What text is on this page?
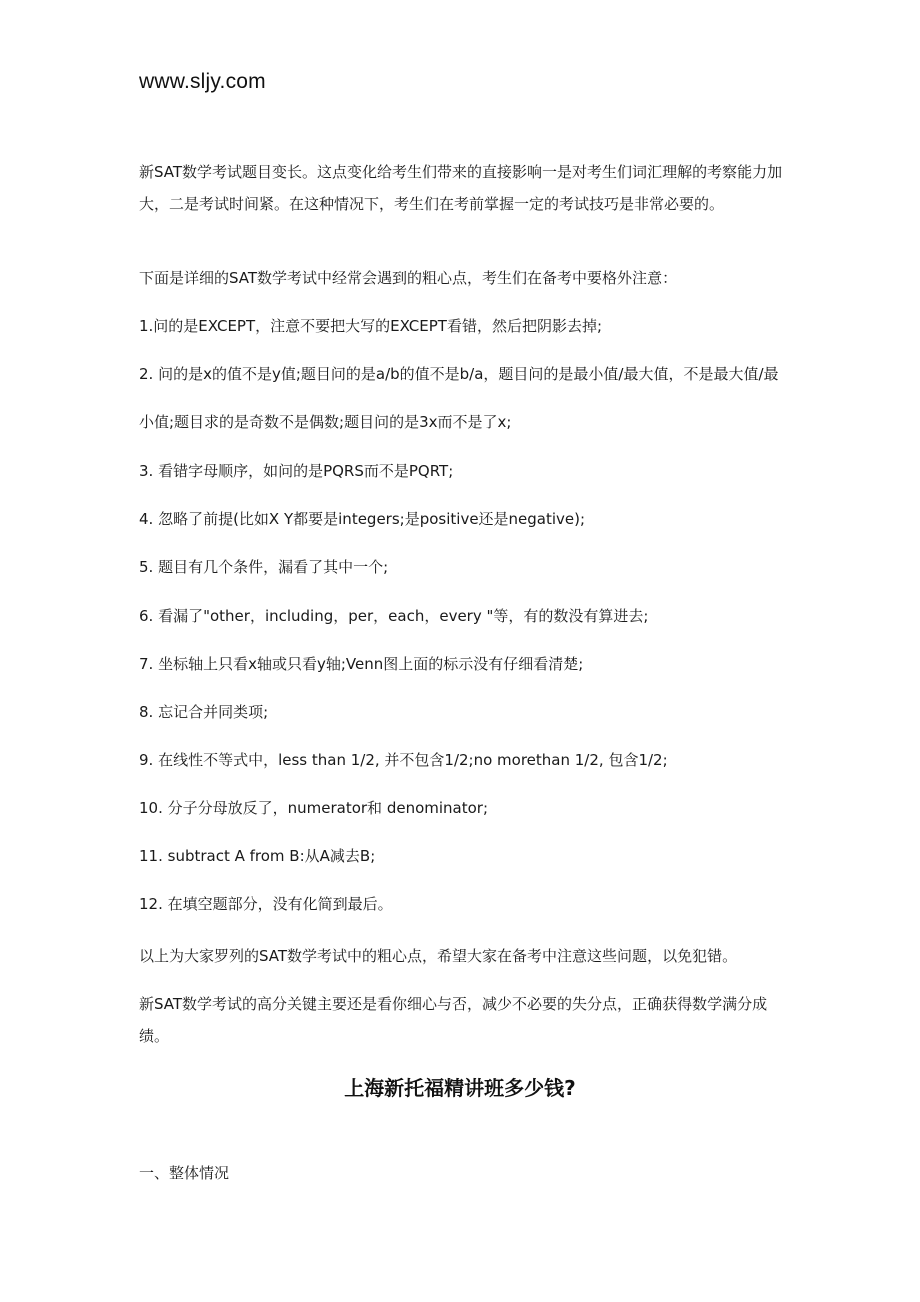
www.sljy.com

新SAT数学考试题目变长。这点变化给考生们带来的直接影响一是对考生们词汇理解的考察能力加大，二是考试时间紧。在这种情况下，考生们在考前掌握一定的考试技巧是非常必要的。

下面是详细的SAT数学考试中经常会遇到的粗心点，考生们在备考中要格外注意：

1.问的是EXCEPT，注意不要把大写的EXCEPT看错，然后把阴影去掉;

2. 问的是x的值不是y值;题目问的是a/b的值不是b/a，题目问的是最小值/最大值，不是最大值/最小值;题目求的是奇数不是偶数;题目问的是3x而不是了x;

3. 看错字母顺序，如问的是PQRS而不是PQRT;

4. 忽略了前提(比如X Y都要是integers;是positive还是negative);

5. 题目有几个条件，漏看了其中一个;

6. 看漏了"other，including，per，each，every "等，有的数没有算进去;

7. 坐标轴上只看x轴或只看y轴;Venn图上面的标示没有仔细看清楚;

8. 忘记合并同类项;

9. 在线性不等式中，less than 1/2, 并不包含1/2;no morethan 1/2, 包含1/2;

10. 分子分母放反了，numerator和 denominator;

11. subtract A from B:从A减去B;

12. 在填空题部分，没有化简到最后。

以上为大家罗列的SAT数学考试中的粗心点，希望大家在备考中注意这些问题，以免犯错。

新SAT数学考试的高分关键主要还是看你细心与否，减少不必要的失分点，正确获得数学满分成绩。

上海新托福精讲班多少钱?

一、整体情况
